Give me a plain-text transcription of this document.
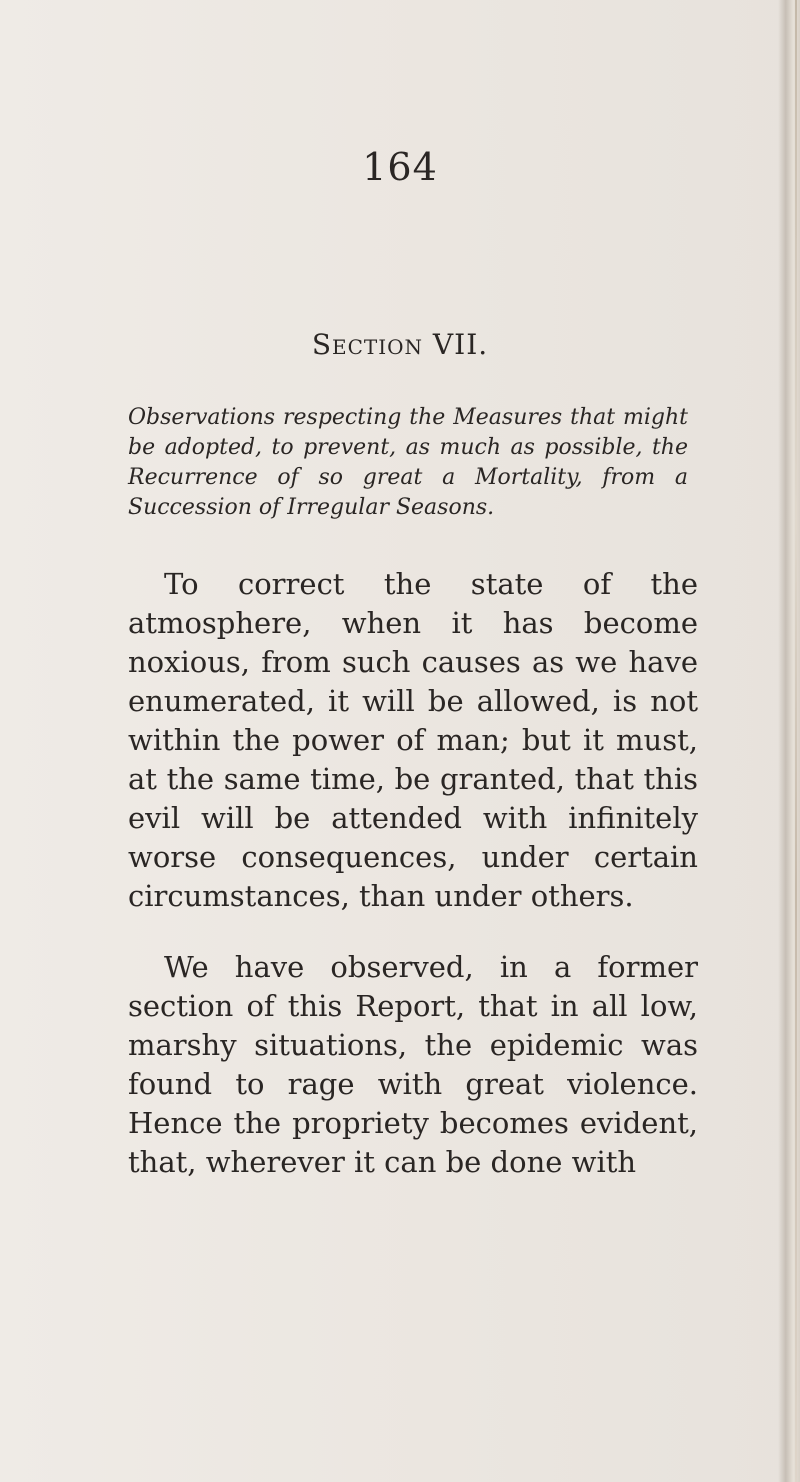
164
Section VII.
Observations respecting the Measures that might be adopted, to prevent, as much as possible, the Recurrence of so great a Mortality, from a Succession of Irregular Seasons.

To correct the state of the atmosphere, when it has become noxious, from such causes as we have enumerated, it will be allowed, is not within the power of man; but it must, at the same time, be granted, that this evil will be attended with infinitely worse consequences, under certain circumstances, than under others.

We have observed, in a former section of this Report, that in all low, marshy situations, the epidemic was found to rage with great violence. Hence the propriety becomes evident, that, wherever it can be done with
